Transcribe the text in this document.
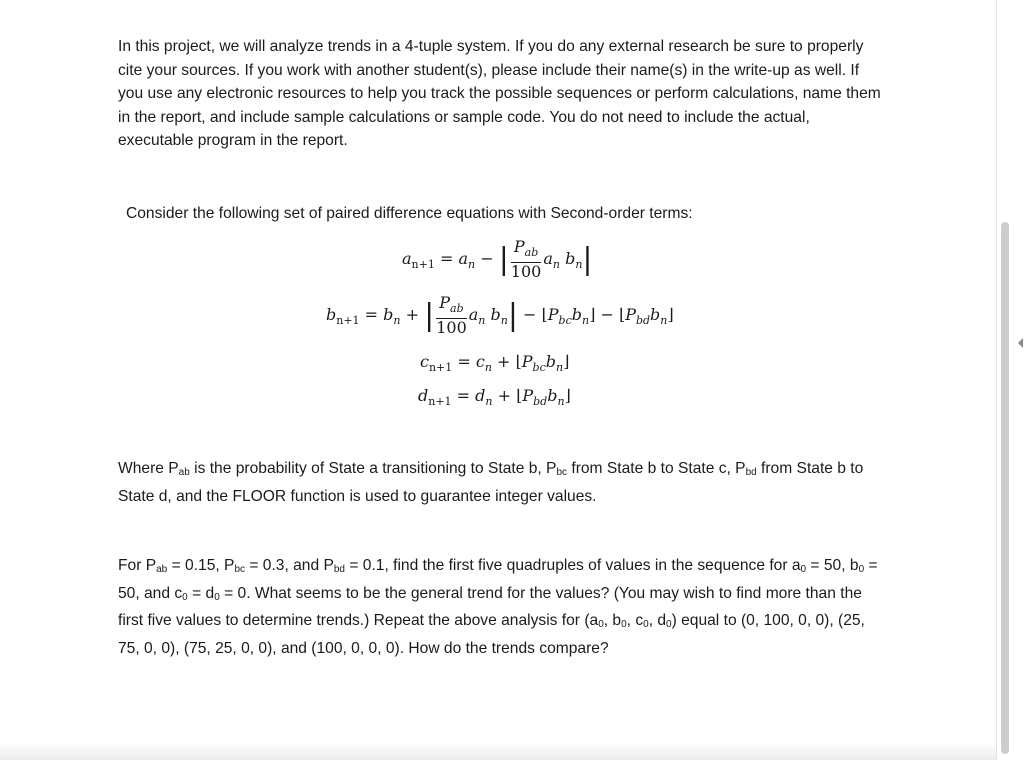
In this project, we will analyze trends in a 4-tuple system. If you do any external research be sure to properly cite your sources. If you work with another student(s), please include their name(s) in the write-up as well. If you use any electronic resources to help you track the possible sequences or perform calculations, name them in the report, and include sample calculations or sample code. You do not need to include the actual, executable program in the report.
Consider the following set of paired difference equations with Second-order terms:
$a_{n+1} = a_n$ − | $\frac{P_{ab}}{100} a_n$ $b_n|$
$b_{n+1} = b_n$ + | $\frac{P_{ab}}{100} a_n$ $b_n|$ − $⌊P_{bc}b_n⌋$ − $⌊P_{bd}b_n⌋$
$c_{n+1} = c_n$ + $⌊P_{bc}b_n⌋$
$d_{n+1} = d_n$ + $⌊P_{bd}b_n⌋$
Where $P_{ab}$ is the probability of State a transitioning to State b, $P_{bc}$ from State b to State c, $P_{bd}$ from State b to State d, and the FLOOR function is used to guarantee integer values.
For $P_{ab} = 0.15$, $P_{bc} = 0.3$, and $P_{bd} = 0.1$, find the first five quadruples of values in the sequence for $a_0 = 50$, $b_0 = 50$, and $c_0 = d_0 = 0$. What seems to be the general trend for the values? (You may wish to find more than the first five values to determine trends.) Repeat the above analysis for ($a_0$, $b_0$, $c_0$, $d_0$) equal to (0, 100, 0, 0), (25, 75, 0, 0), (75, 25, 0, 0), and (100, 0, 0, 0). How do the trends compare?
